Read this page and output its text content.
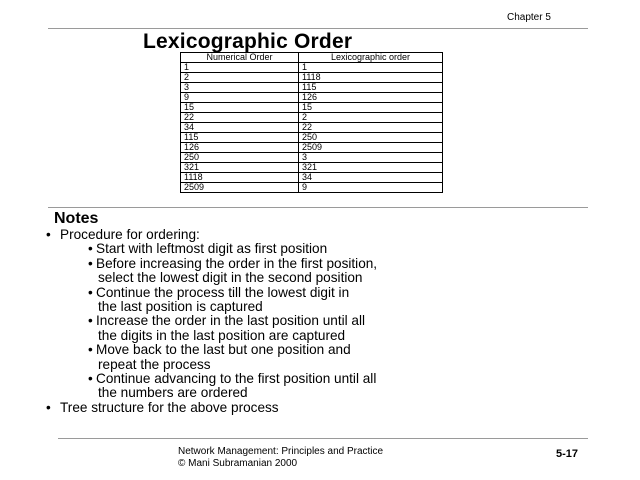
Chapter 5
Lexicographic Order
Numerical Order	Lexicographic order
1	1
2	1118
3	115
9	126
15	15
22	2
34	22
115	250
126	2509
250	3
321	321
1118	34
2509	9
Notes
• Procedure for ordering:
• Start with leftmost digit as first position
• Before increasing the order in the first position,
select the lowest digit in the second position
• Continue the process till the lowest digit in
the last position is captured
• Increase the order in the last position until all
the digits in the last position are captured
• Move back to the last but one position and
repeat the process
• Continue advancing to the first position until all
the numbers are ordered
• Tree structure for the above process
Network Management: Principles and Practice
© Mani Subramanian 2000
5-17
